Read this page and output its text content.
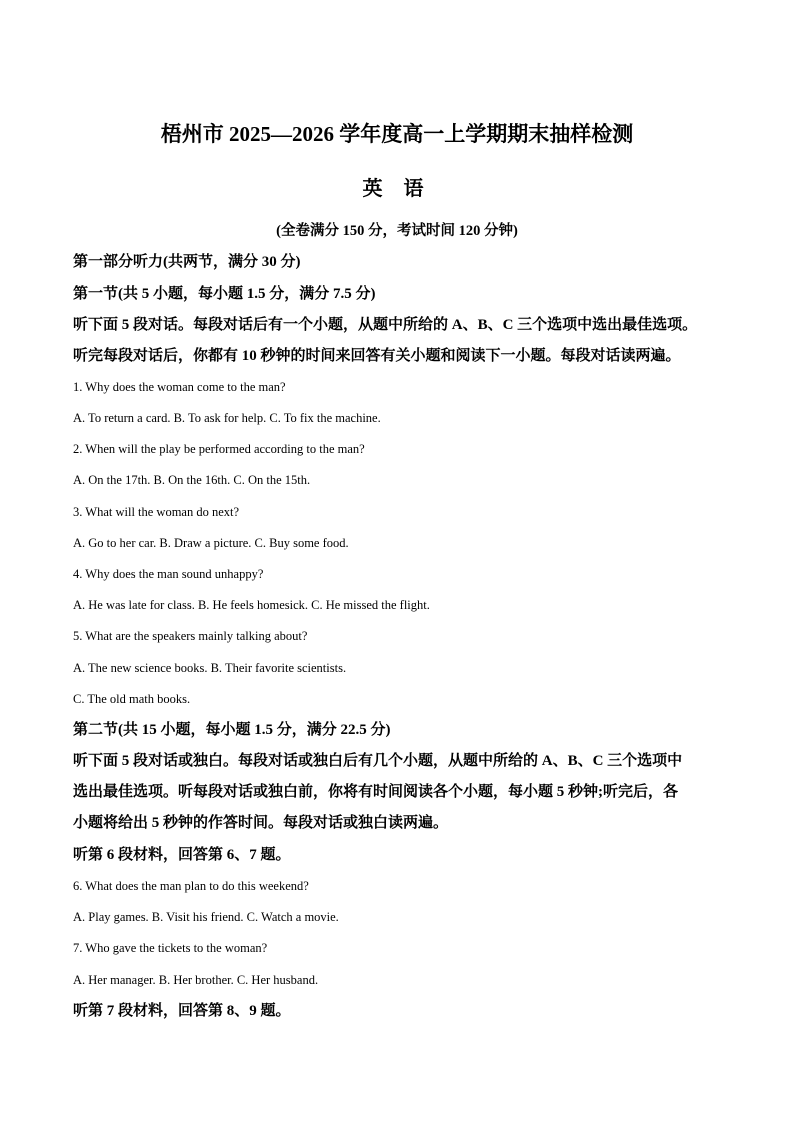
梧州市 2025—2026 学年度高一上学期期末抽样检测
英 语
(全卷满分 150 分，考试时间 120 分钟)
第一部分听力(共两节，满分 30 分)
第一节(共 5 小题，每小题 1.5 分，满分 7.5 分)
听下面 5 段对话。每段对话后有一个小题，从题中所给的 A、B、C 三个选项中选出最佳选项。
听完每段对话后，你都有 10 秒钟的时间来回答有关小题和阅读下一小题。每段对话读两遍。
1. Why does the woman come to the man?
A. To return a card. B. To ask for help. C. To fix the machine.
2. When will the play be performed according to the man?
A. On the 17th. B. On the 16th. C. On the 15th.
3. What will the woman do next?
A. Go to her car. B. Draw a picture. C. Buy some food.
4. Why does the man sound unhappy?
A. He was late for class. B. He feels homesick. C. He missed the flight.
5. What are the speakers mainly talking about?
A. The new science books. B. Their favorite scientists.
C. The old math books.
第二节(共 15 小题，每小题 1.5 分，满分 22.5 分)
听下面 5 段对话或独白。每段对话或独白后有几个小题，从题中所给的 A、B、C 三个选项中
选出最佳选项。听每段对话或独白前，你将有时间阅读各个小题，每小题 5 秒钟;听完后，各
小题将给出 5 秒钟的作答时间。每段对话或独白读两遍。
听第 6 段材料，回答第 6、7 题。
6. What does the man plan to do this weekend?
A. Play games. B. Visit his friend. C. Watch a movie.
7. Who gave the tickets to the woman?
A. Her manager. B. Her brother. C. Her husband.
听第 7 段材料，回答第 8、9 题。
